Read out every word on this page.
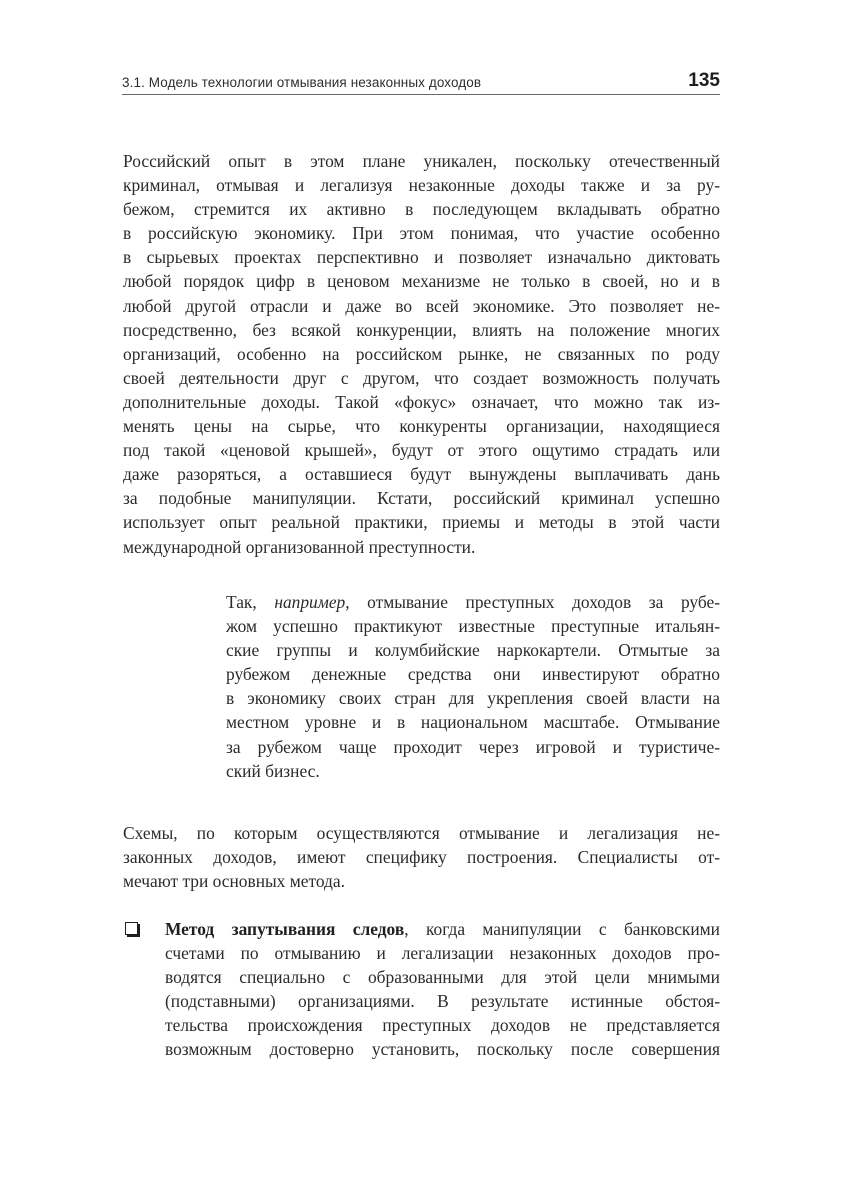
3.1. Модель технологии отмывания незаконных доходов	135
Российский опыт в этом плане уникален, поскольку отечественный
криминал, отмывая и легализуя незаконные доходы также и за ру-
бежом, стремится их активно в последующем вкладывать обратно
в российскую экономику. При этом понимая, что участие особенно
в сырьевых проектах перспективно и позволяет изначально диктовать
любой порядок цифр в ценовом механизме не только в своей, но и в
любой другой отрасли и даже во всей экономике. Это позволяет не-
посредственно, без всякой конкуренции, влиять на положение многих
организаций, особенно на российском рынке, не связанных по роду
своей деятельности друг с другом, что создает возможность получать
дополнительные доходы. Такой «фокус» означает, что можно так из-
менять цены на сырье, что конкуренты организации, находящиеся
под такой «ценовой крышей», будут от этого ощутимо страдать или
даже разоряться, а оставшиеся будут вынуждены выплачивать дань
за подобные манипуляции. Кстати, российский криминал успешно
использует опыт реальной практики, приемы и методы в этой части
международной организованной преступности.
Так, например, отмывание преступных доходов за рубе-
жом успешно практикуют известные преступные итальян-
ские группы и колумбийские наркокартели. Отмытые за
рубежом денежные средства они инвестируют обратно
в экономику своих стран для укрепления своей власти на
местном уровне и в национальном масштабе. Отмывание
за рубежом чаще проходит через игровой и туристиче-
ский бизнес.
Схемы, по которым осуществляются отмывание и легализация не-
законных доходов, имеют специфику построения. Специалисты от-
мечают три основных метода.
Метод запутывания следов, когда манипуляции с банковскими
счетами по отмыванию и легализации незаконных доходов про-
водятся специально с образованными для этой цели мнимыми
(подставными) организациями. В результате истинные обстоя-
тельства происхождения преступных доходов не представляется
возможным достоверно установить, поскольку после совершения
